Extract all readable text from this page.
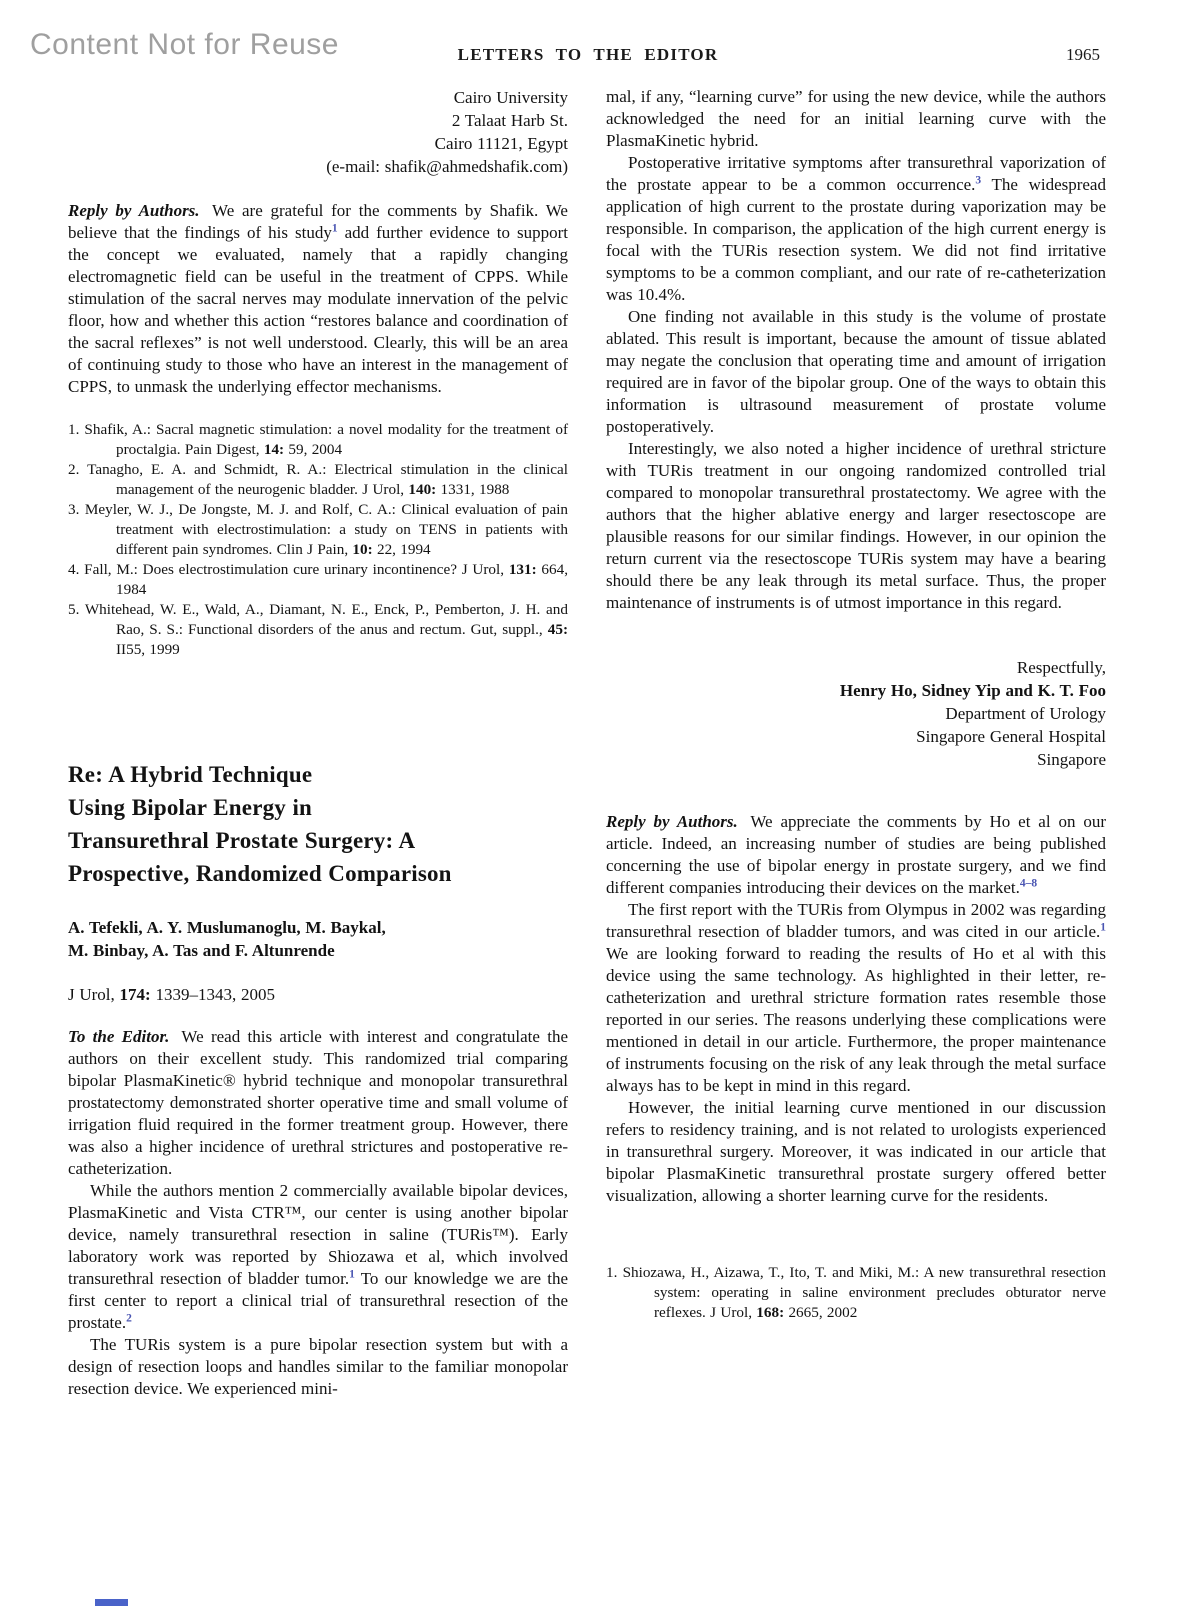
Content Not for Reuse	LETTERS TO THE EDITOR	1965
Cairo University
2 Talaat Harb St.
Cairo 11121, Egypt
(e-mail: shafik@ahmedshafik.com)

Reply by Authors. We are grateful for the comments by Shafik. We believe that the findings of his study$^1$ add further evidence to support the concept we evaluated, namely that a rapidly changing electromagnetic field can be useful in the treatment of CPPS. While stimulation of the sacral nerves may modulate innervation of the pelvic floor, how and whether this action “restores balance and coordination of the sacral reflexes” is not well understood. Clearly, this will be an area of continuing study to those who have an interest in the management of CPPS, to unmask the underlying effector mechanisms.

1. Shafik, A.: Sacral magnetic stimulation: a novel modality for the treatment of proctalgia. Pain Digest, 14: 59, 2004
2. Tanagho, E. A. and Schmidt, R. A.: Electrical stimulation in the clinical management of the neurogenic bladder. J Urol, 140: 1331, 1988
3. Meyler, W. J., De Jongste, M. J. and Rolf, C. A.: Clinical evaluation of pain treatment with electrostimulation: a study on TENS in patients with different pain syndromes. Clin J Pain, 10: 22, 1994
4. Fall, M.: Does electrostimulation cure urinary incontinence? J Urol, 131: 664, 1984
5. Whitehead, W. E., Wald, A., Diamant, N. E., Enck, P., Pemberton, J. H. and Rao, S. S.: Functional disorders of the anus and rectum. Gut, suppl., 45: II55, 1999
Re: A Hybrid Technique
Using Bipolar Energy in
Transurethral Prostate Surgery: A
Prospective, Randomized Comparison
A. Tefekli, A. Y. Muslumanoglu, M. Baykal,
M. Binbay, A. Tas and F. Altunrende

J Urol, 174: 1339–1343, 2005

To the Editor. We read this article with interest and congratulate the authors on their excellent study. This randomized trial comparing bipolar PlasmaKinetic® hybrid technique and monopolar transurethral prostatectomy demonstrated shorter operative time and small volume of irrigation fluid required in the former treatment group. However, there was also a higher incidence of urethral strictures and postoperative re-catheterization.

While the authors mention 2 commercially available bipolar devices, PlasmaKinetic and Vista CTR™, our center is using another bipolar device, namely transurethral resection in saline (TURis™). Early laboratory work was reported by Shiozawa et al, which involved transurethral resection of bladder tumor.$^1$ To our knowledge we are the first center to report a clinical trial of transurethral resection of the prostate.$^2$

The TURis system is a pure bipolar resection system but with a design of resection loops and handles similar to the familiar monopolar resection device. We experienced mini-

mal, if any, “learning curve” for using the new device, while the authors acknowledged the need for an initial learning curve with the PlasmaKinetic hybrid.

Postoperative irritative symptoms after transurethral vaporization of the prostate appear to be a common occurrence.$^3$ The widespread application of high current to the prostate during vaporization may be responsible. In comparison, the application of the high current energy is focal with the TURis resection system. We did not find irritative symptoms to be a common compliant, and our rate of re-catheterization was 10.4%.

One finding not available in this study is the volume of prostate ablated. This result is important, because the amount of tissue ablated may negate the conclusion that operating time and amount of irrigation required are in favor of the bipolar group. One of the ways to obtain this information is ultrasound measurement of prostate volume postoperatively.

Interestingly, we also noted a higher incidence of urethral stricture with TURis treatment in our ongoing randomized controlled trial compared to monopolar transurethral prostatectomy. We agree with the authors that the higher ablative energy and larger resectoscope are plausible reasons for our similar findings. However, in our opinion the return current via the resectoscope TURis system may have a bearing should there be any leak through its metal surface. Thus, the proper maintenance of instruments is of utmost importance in this regard.

Respectfully,
Henry Ho, Sidney Yip and K. T. Foo
Department of Urology
Singapore General Hospital
Singapore

Reply by Authors. We appreciate the comments by Ho et al on our article. Indeed, an increasing number of studies are being published concerning the use of bipolar energy in prostate surgery, and we find different companies introducing their devices on the market.$^{4-8}$

The first report with the TURis from Olympus in 2002 was regarding transurethral resection of bladder tumors, and was cited in our article.$^1$ We are looking forward to reading the results of Ho et al with this device using the same technology. As highlighted in their letter, re-catheterization and urethral stricture formation rates resemble those reported in our series. The reasons underlying these complications were mentioned in detail in our article. Furthermore, the proper maintenance of instruments focusing on the risk of any leak through the metal surface always has to be kept in mind in this regard.

However, the initial learning curve mentioned in our discussion refers to residency training, and is not related to urologists experienced in transurethral surgery. Moreover, it was indicated in our article that bipolar PlasmaKinetic transurethral prostate surgery offered better visualization, allowing a shorter learning curve for the residents.

1. Shiozawa, H., Aizawa, T., Ito, T. and Miki, M.: A new transurethral resection system: operating in saline environment precludes obturator nerve reflexes. J Urol, 168: 2665, 2002
